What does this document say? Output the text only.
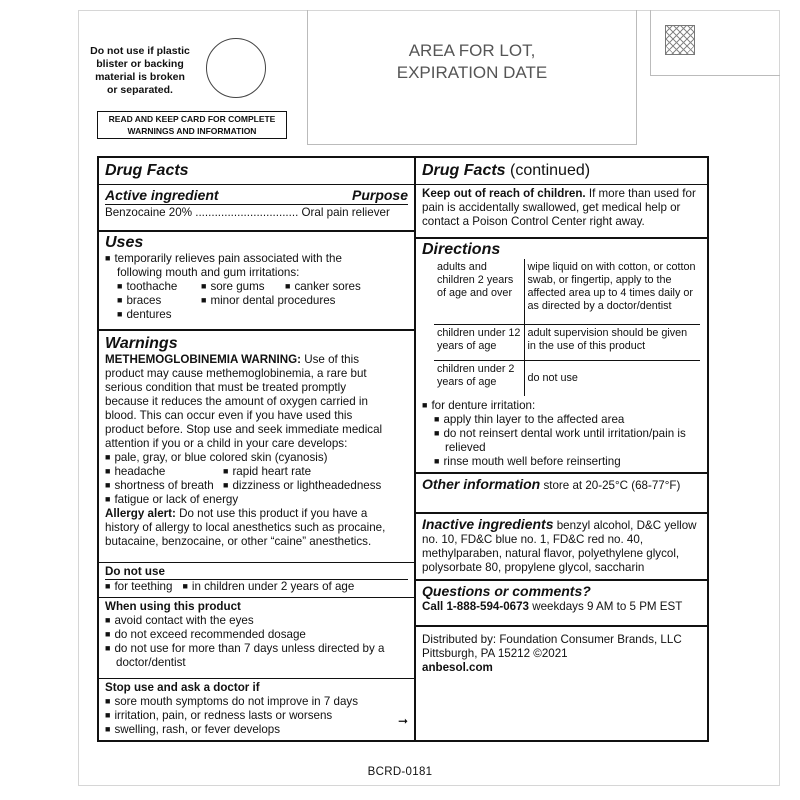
Do not use if plastic blister or backing material is broken or separated.
READ AND KEEP CARD FOR COMPLETE WARNINGS AND INFORMATION
AREA FOR LOT,
EXPIRATION DATE
Drug Facts
Active ingredient	Purpose
Benzocaine 20% ................................ Oral pain reliever
Uses
■ temporarily relieves pain associated with the
following mouth and gum irritations:
■ toothache	■ sore gums	■ canker sores
■ braces	■ minor dental procedures
■ dentures
Warnings
METHEMOGLOBINEMIA WARNING: Use of this
product may cause methemoglobinemia, a rare but
serious condition that must be treated promptly
because it reduces the amount of oxygen carried in
blood. This can occur even if you have used this
product before. Stop use and seek immediate medical
attention if you or a child in your care develops:
■ pale, gray, or blue colored skin (cyanosis)
■ headache	■ rapid heart rate
■ shortness of breath	■ dizziness or lightheadedness
■ fatigue or lack of energy
Allergy alert: Do not use this product if you have a
history of allergy to local anesthetics such as procaine,
butacaine, benzocaine, or other “caine” anesthetics.
Do not use
■ for teething	■ in children under 2 years of age
When using this product
■ avoid contact with the eyes
■ do not exceed recommended dosage
■ do not use for more than 7 days unless directed by a doctor/dentist
Stop use and ask a doctor if
■ sore mouth symptoms do not improve in 7 days
■ irritation, pain, or redness lasts or worsens
■ swelling, rash, or fever develops
➞
Drug Facts (continued)
Keep out of reach of children. If more than used for pain is accidentally swallowed, get medical help or contact a Poison Control Center right away.
Directions
adults and children 2 years of age and over	wipe liquid on with cotton, or cotton swab, or fingertip, apply to the affected area up to 4 times daily or as directed by a doctor/dentist
children under 12 years of age	adult supervision should be given in the use of this product
children under 2 years of age	do not use
■ for denture irritation:
■ apply thin layer to the affected area
■ do not reinsert dental work until irritation/pain is relieved
■ rinse mouth well before reinserting
Other information store at 20-25°C (68-77°F)
Inactive ingredients benzyl alcohol, D&C yellow no. 10, FD&C blue no. 1, FD&C red no. 40, methylparaben, natural flavor, polyethylene glycol, polysorbate 80, propylene glycol, saccharin
Questions or comments?
Call 1-888-594-0673 weekdays 9 AM to 5 PM EST
Distributed by: Foundation Consumer Brands, LLC
Pittsburgh, PA 15212 ©2021
anbesol.com
BCRD-0181
